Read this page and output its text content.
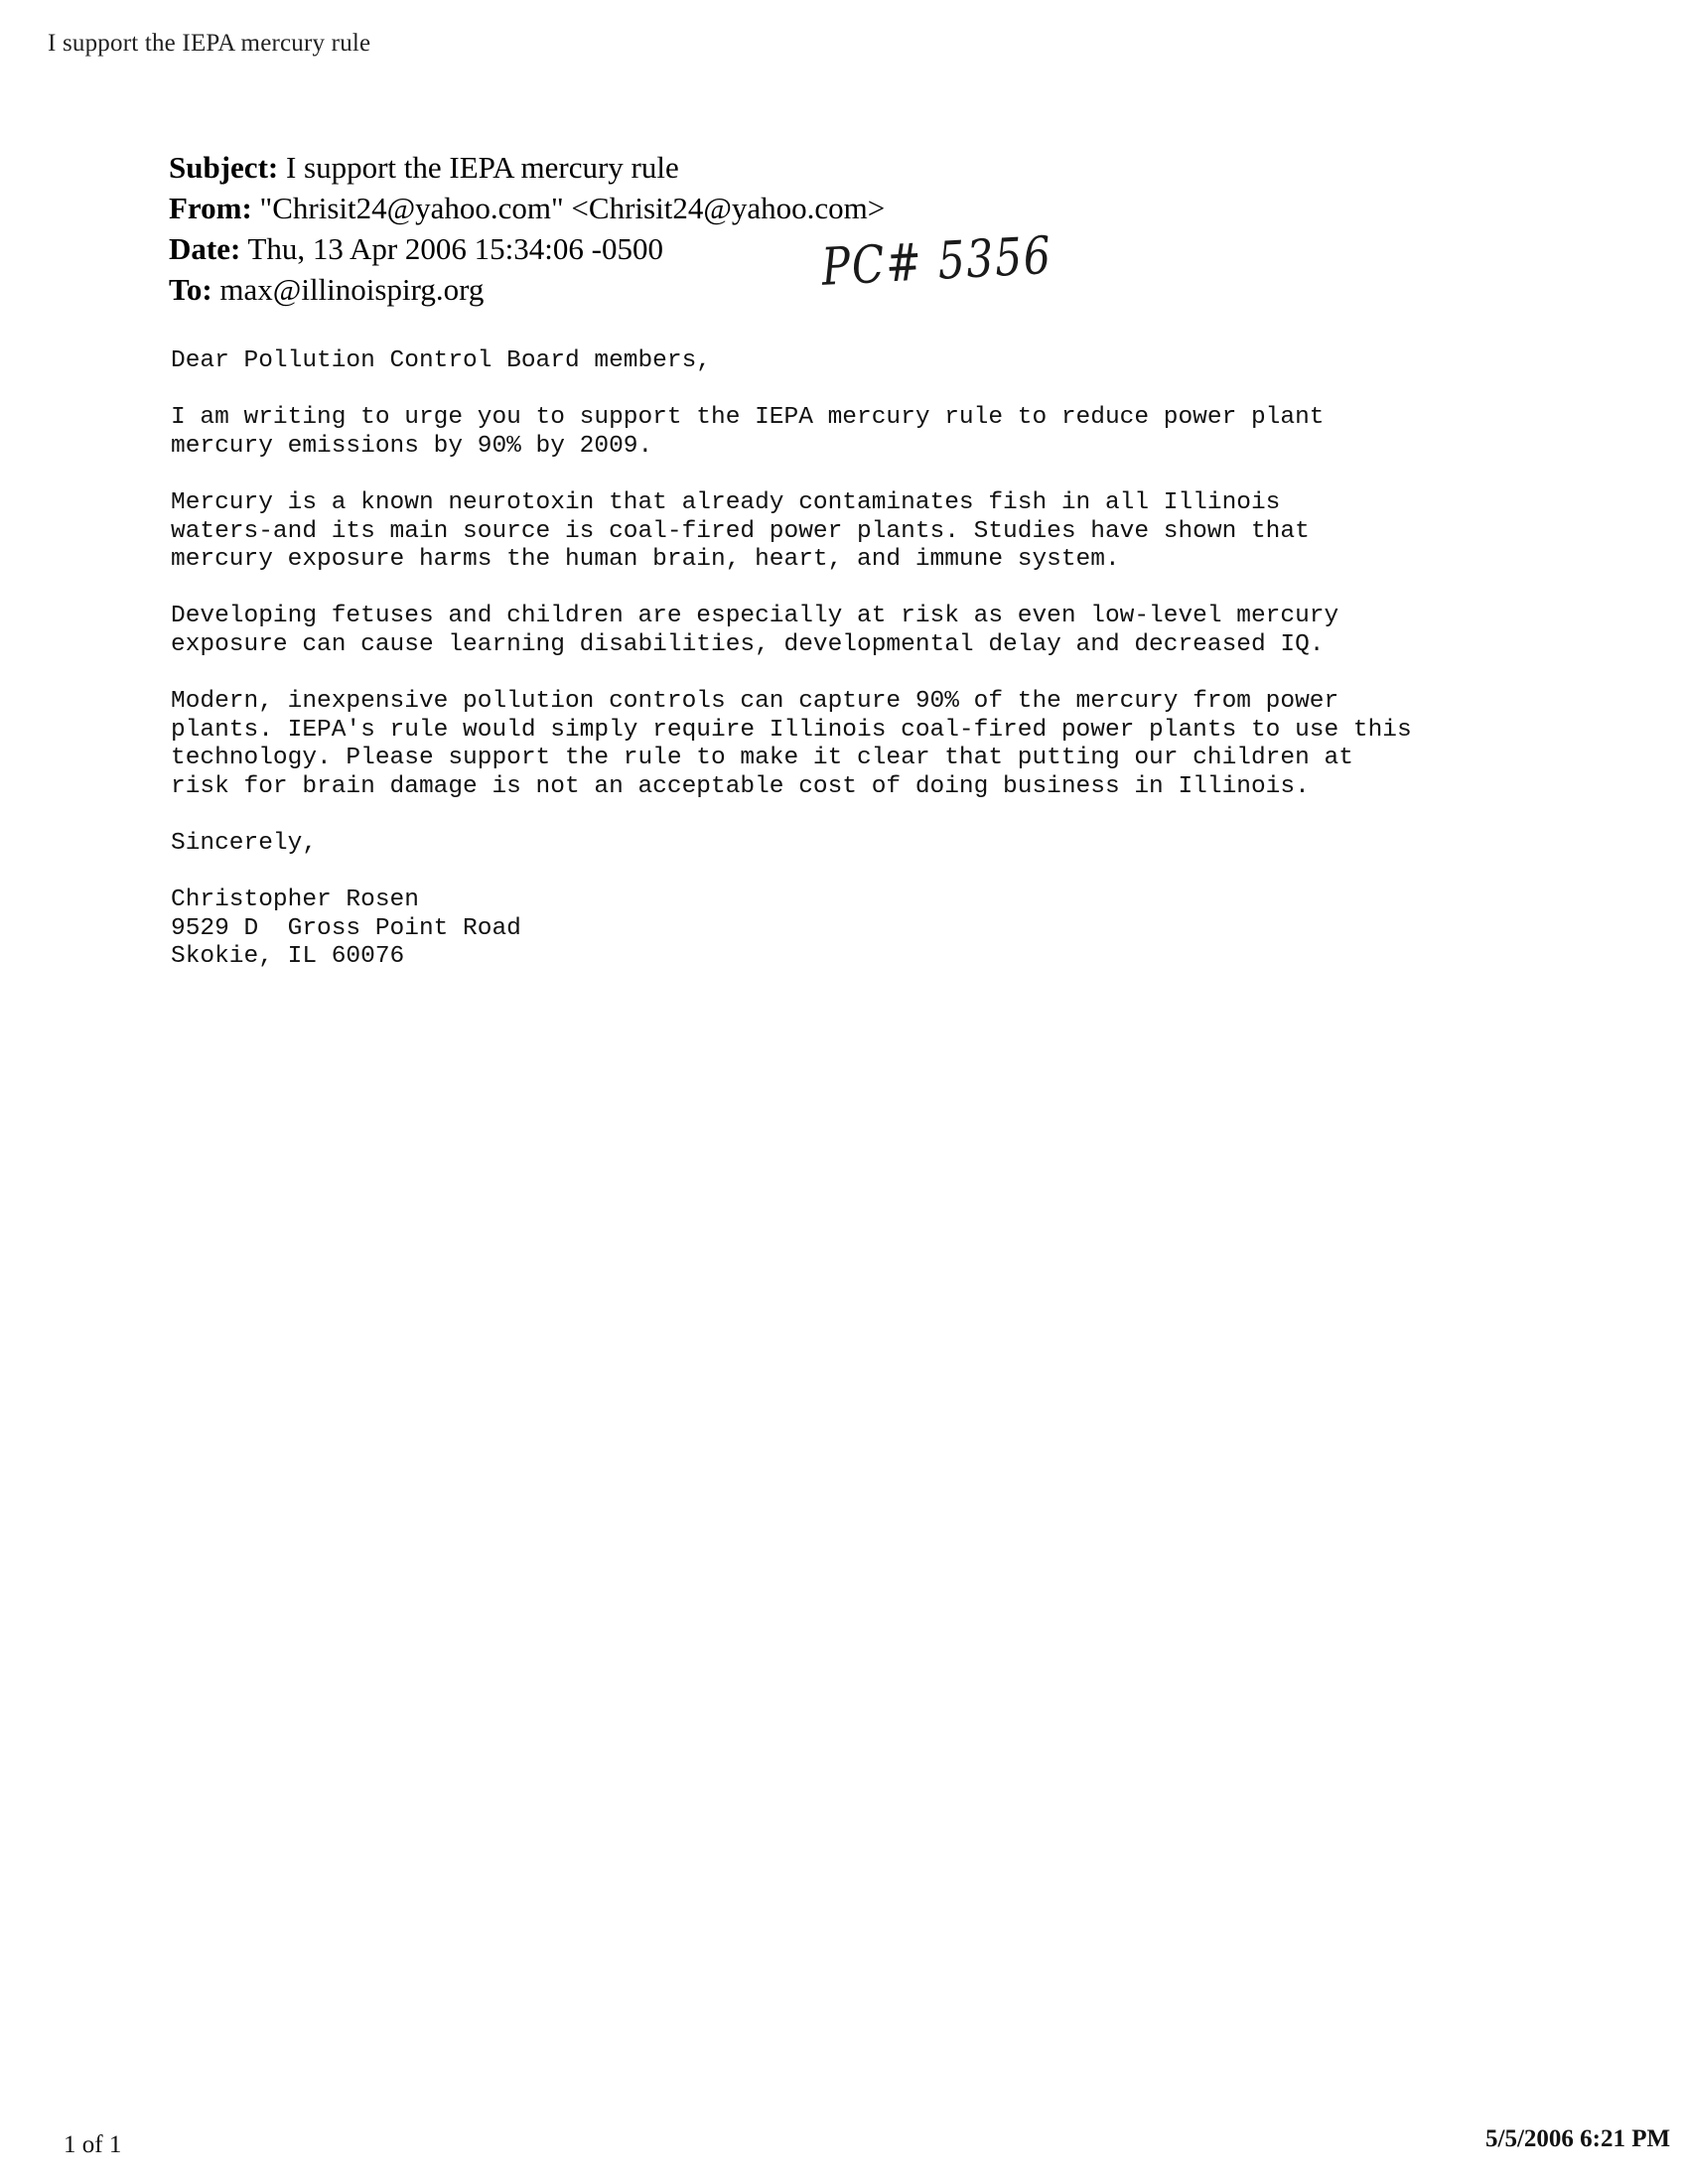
I support the IEPA mercury rule
Subject: I support the IEPA mercury rule
From: "Chrisit24@yahoo.com" <Chrisit24@yahoo.com>
Date: Thu, 13 Apr 2006 15:34:06 -0500
To: max@illinoispirg.org	PC# 5356

Dear Pollution Control Board members,

I am writing to urge you to support the IEPA mercury rule to reduce power plant
mercury emissions by 90% by 2009.

Mercury is a known neurotoxin that already contaminates fish in all Illinois
waters-and its main source is coal-fired power plants. Studies have shown that
mercury exposure harms the human brain, heart, and immune system.

Developing fetuses and children are especially at risk as even low-level mercury
exposure can cause learning disabilities, developmental delay and decreased IQ.

Modern, inexpensive pollution controls can capture 90% of the mercury from power
plants. IEPA's rule would simply require Illinois coal-fired power plants to use this
technology. Please support the rule to make it clear that putting our children at
risk for brain damage is not an acceptable cost of doing business in Illinois.

Sincerely,

Christopher Rosen

9529 D  Gross Point Road

Skokie, IL 60076

1 of 1	5/5/2006 6:21 PM
